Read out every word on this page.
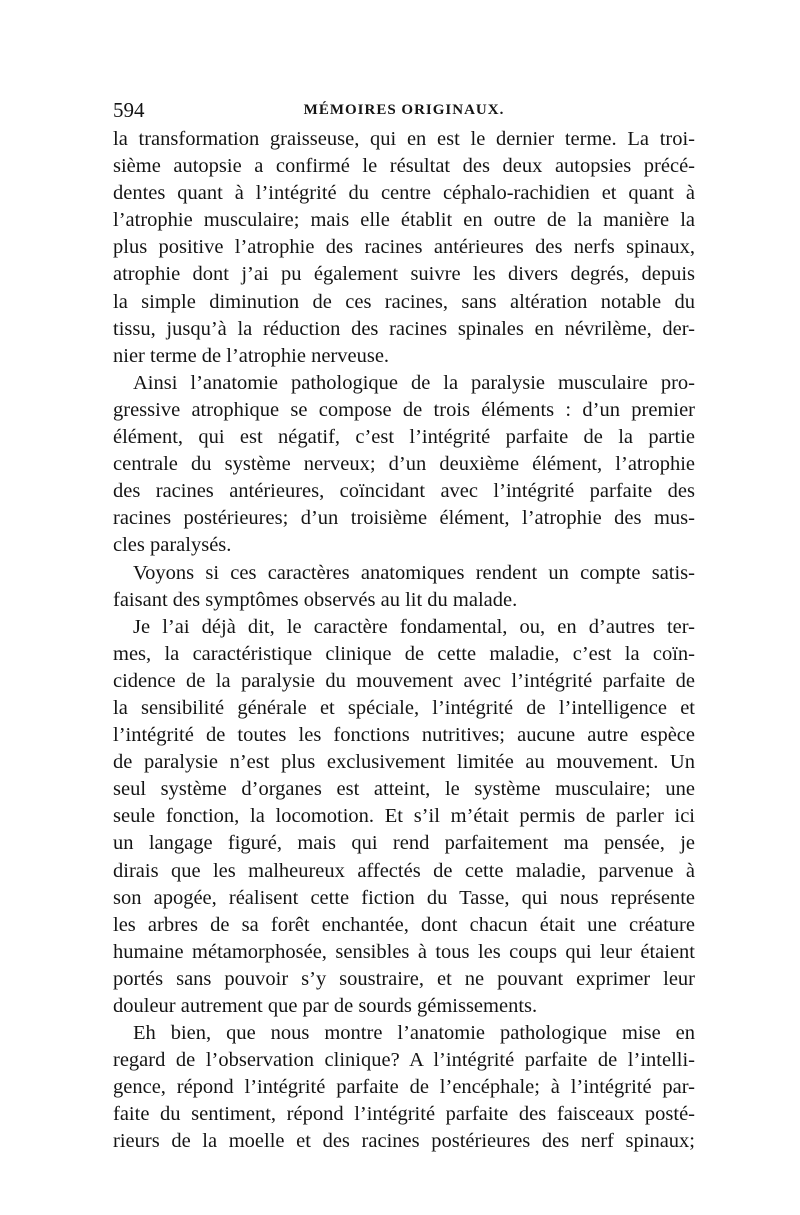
594	MÉMOIRES ORIGINAUX.
la transformation graisseuse, qui en est le dernier terme. La troi-
sième autopsie a confirmé le résultat des deux autopsies précé-
dentes quant à l’intégrité du centre céphalo-rachidien et quant à
l’atrophie musculaire; mais elle établit en outre de la manière la
plus positive l’atrophie des racines antérieures des nerfs spinaux,
atrophie dont j’ai pu également suivre les divers degrés, depuis
la simple diminution de ces racines, sans altération notable du
tissu, jusqu’à la réduction des racines spinales en névrilème, der-
nier terme de l’atrophie nerveuse.
Ainsi l’anatomie pathologique de la paralysie musculaire pro-
gressive atrophique se compose de trois éléments : d’un premier
élément, qui est négatif, c’est l’intégrité parfaite de la partie
centrale du système nerveux; d’un deuxième élément, l’atrophie
des racines antérieures, coïncidant avec l’intégrité parfaite des
racines postérieures; d’un troisième élément, l’atrophie des mus-
cles paralysés.
Voyons si ces caractères anatomiques rendent un compte satis-
faisant des symptômes observés au lit du malade.
Je l’ai déjà dit, le caractère fondamental, ou, en d’autres ter-
mes, la caractéristique clinique de cette maladie, c’est la coïn-
cidence de la paralysie du mouvement avec l’intégrité parfaite de
la sensibilité générale et spéciale, l’intégrité de l’intelligence et
l’intégrité de toutes les fonctions nutritives; aucune autre espèce
de paralysie n’est plus exclusivement limitée au mouvement. Un
seul système d’organes est atteint, le système musculaire; une
seule fonction, la locomotion. Et s’il m’était permis de parler ici
un langage figuré, mais qui rend parfaitement ma pensée, je
dirais que les malheureux affectés de cette maladie, parvenue à
son apogée, réalisent cette fiction du Tasse, qui nous représente
les arbres de sa forêt enchantée, dont chacun était une créature
humaine métamorphosée, sensibles à tous les coups qui leur étaient
portés sans pouvoir s’y soustraire, et ne pouvant exprimer leur
douleur autrement que par de sourds gémissements.
Eh bien, que nous montre l’anatomie pathologique mise en
regard de l’observation clinique? A l’intégrité parfaite de l’intelli-
gence, répond l’intégrité parfaite de l’encéphale; à l’intégrité par-
faite du sentiment, répond l’intégrité parfaite des faisceaux posté-
rieurs de la moelle et des racines postérieures des nerf spinaux;
